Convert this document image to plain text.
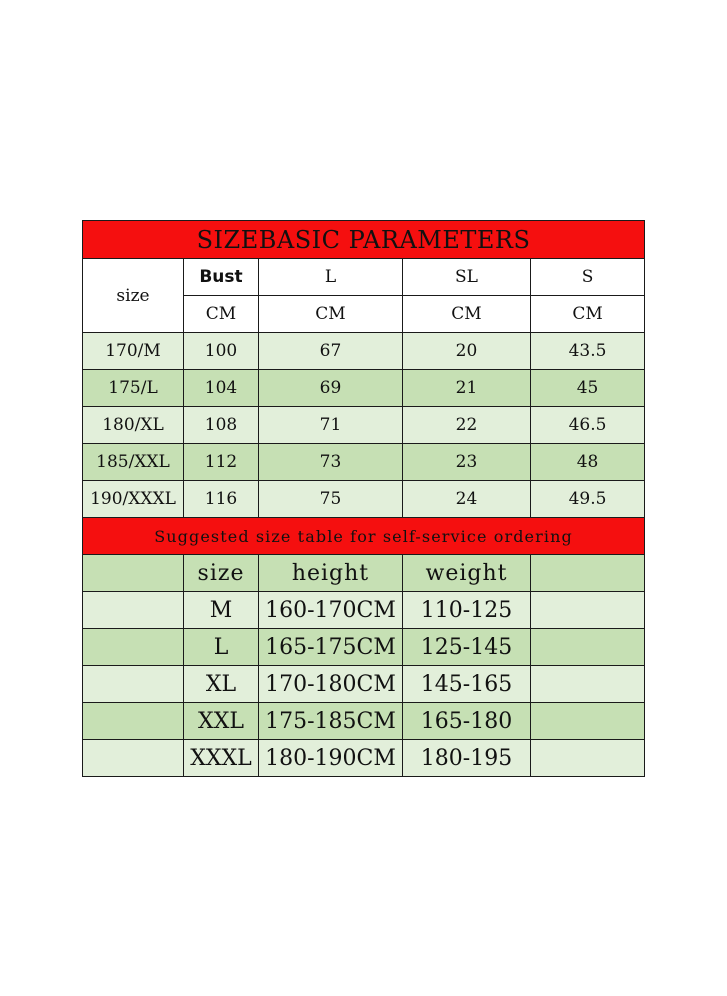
SIZEBASIC PARAMETERS				
size	Bust	L	SL	S
	CM	CM	CM	CM
170/M	100	67	20	43.5
175/L	104	69	21	45
180/XL	108	71	22	46.5
185/XXL	112	73	23	48
190/XXXL	116	75	24	49.5
Suggested size table for self-service ordering				
	size	height	weight	
	M	160-170CM	110-125	
	L	165-175CM	125-145	
	XL	170-180CM	145-165	
	XXL	175-185CM	165-180	
	XXXL	180-190CM	180-195	
